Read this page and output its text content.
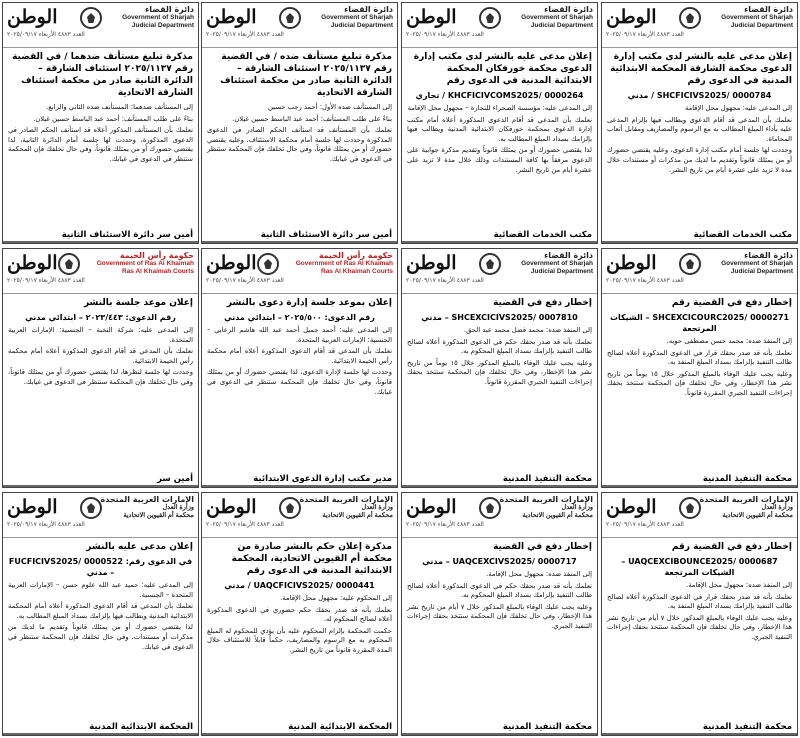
دائرة القضاء
Government of Sharjah
Judicial Department
الوطن
العدد ٤٨٨٣ الأربعاء ٢٠٢٥/٠٩/١٧
إعلان مدعى عليه بالنشر لدى مكتب إدارة الدعوى محكمة الشارقة المحكمة الابتدائية المدنية في الدعوى رقم
SHCFICIVS2025/ 0000784 / مدني

إلى المدعى عليه: مجهول محل الإقامة

نعلمك بأن المدعي قد أقام الدعوى ويطالب فيها بإلزام المدعى عليه بأداء المبلغ المطالب به مع الرسوم والمصاريف ومقابل أتعاب المحاماة.

وحددت لها جلسة أمام مكتب إدارة الدعوى، وعليه يقتضي حضورك أو من يمثلك قانوناً وتقديم ما لديك من مذكرات أو مستندات خلال مدة لا تزيد على عشرة أيام من تاريخ النشر.

مكتب الخدمات القضائية
دائرة القضاء
Government of Sharjah
Judicial Department
الوطن
العدد ٤٨٨٣ الأربعاء ٢٠٢٥/٠٩/١٧
إعلان مدعى عليه بالنشر لدى مكتب إدارة الدعوى محكمة خورفكان المحكمة الابتدائية المدنية في الدعوى رقم
KHCFICIVCOMS2025/ 0000264 / تجاري

إلى المدعى عليه: مؤسسة الصحراء للتجارة – مجهول محل الإقامة

نعلمك بأن المدعي قد أقام الدعوى المذكورة أعلاه أمام مكتب إدارة الدعوى بمحكمة خورفكان الابتدائية المدنية ويطالب فيها بإلزامك بسداد المبلغ المطالب به.

لذا يقتضي حضورك أو من يمثلك قانوناً وتقديم مذكرة جوابية على الدعوى مرفقاً بها كافة المستندات وذلك خلال مدة لا تزيد على عشرة أيام من تاريخ النشر.

مكتب الخدمات القضائية
دائرة القضاء
Government of Sharjah
Judicial Department
الوطن
العدد ٤٨٨٣ الأربعاء ٢٠٢٥/٠٩/١٧
مذكرة تبليغ مستأنف ضده / في القضية رقم ٢٠٢٥/١١٣٧ استئناف الشارقة – الدائرة الثانية صادر من محكمة استئناف الشارقة الاتحادية

إلى المستأنف ضده الأول: أحمد رجب حسين

بناءً على طلب المستأنف: أحمد عبد الباسط حسين غيلان.

نعلمك بأن المستأنف قد استأنف الحكم الصادر في الدعوى المذكورة وحددت لها جلسة أمام محكمة الاستئناف، وعليه يقتضي حضورك أو من يمثلك قانوناً، وفي حال تخلفك فإن المحكمة ستنظر في الدعوى في غيابك.

أمين سر دائرة الاستئناف الثانية
دائرة القضاء
Government of Sharjah
Judicial Department
الوطن
العدد ٤٨٨٣ الأربعاء ٢٠٢٥/٠٩/١٧
مذكرة تبليغ مستأنف ضدهما / في القضية رقم ٢٠٢٥/١١٣٧ استئناف الشارقة – الدائرة الثانية صادر من محكمة استئناف الشارقة الاتحادية

إلى المستأنف ضدهما: المستأنف ضده الثاني والرابع.

بناءً على طلب المستأنف: أحمد عبد الباسط حسين غيلان.

نعلمك بأن المستأنف المذكور أعلاه قد استأنف الحكم الصادر في الدعوى المذكورة، وحددت لها جلسة أمام الدائرة الثانية، لذا يقتضي حضورك أو من يمثلك قانوناً، وفي حال تخلفك فإن المحكمة ستنظر في الدعوى في غيابك.

أمين سر دائرة الاستئناف الثانية
دائرة القضاء
Government of Sharjah
Judicial Department
الوطن
العدد ٤٨٨٣ الأربعاء ٢٠٢٥/٠٩/١٧
إخطار دفع في القضية رقم
SHCEXCICOURC2025/ 0000271 – الشيكات المرتجعة

إلى المنفذ ضده: محمد حسن مصطفى حويه.

نعلمك بأنه قد صدر بحقك قرار في الدعوى المذكورة أعلاه لصالح طالب التنفيذ بإلزامك بسداد المبلغ المنفذ به.

وعليه يجب عليك الوفاء بالمبلغ المذكور خلال ١٥ يوماً من تاريخ نشر هذا الإخطار، وفي حال تخلفك فإن المحكمة ستتخذ بحقك إجراءات التنفيذ الجبري المقررة قانوناً.

محكمة التنفيذ المدنية
دائرة القضاء
Government of Sharjah
Judicial Department
الوطن
العدد ٤٨٨٣ الأربعاء ٢٠٢٥/٠٩/١٧
إخطار دفع في القضية
SHCEXCICIVS2025/ 0007810 – مدني

إلى المنفذ ضده: محمد فضل محمد عبد الحق.

نعلمك بأنه قد صدر بحقك حكم في الدعوى المذكورة أعلاه لصالح طالب التنفيذ بإلزامك بسداد المبلغ المحكوم به.

وعليه يجب عليك الوفاء بالمبلغ المذكور خلال ١٥ يوماً من تاريخ نشر هذا الإخطار، وفي حال تخلفك فإن المحكمة ستتخذ بحقك إجراءات التنفيذ الجبري المقررة قانوناً.

محكمة التنفيذ المدنية
حكومة رأس الخيمة
Government of Ras Al Khaimah
Ras Al Khaimah Courts
الوطن
العدد ٤٨٨٣ الأربعاء ٢٠٢٥/٠٩/١٧
إعلان بموعد جلسة إدارة دعوى بالنشر
رقم الدعوى: ٢٠٢٥/٥٠٠ – ابتدائي مدني

إلى المدعى عليه: أحمد جميل أحمد عبد الله هاشم الزعابي – الجنسية: الإمارات العربية المتحدة.

نعلمك بأن المدعي قد أقام الدعوى المذكورة أعلاه أمام محكمة رأس الخيمة الابتدائية.

وحددت لها جلسة لإدارة الدعوى، لذا يقتضي حضورك أو من يمثلك قانوناً، وفي حال تخلفك فإن المحكمة ستنظر في الدعوى في غيابك.

مدير مكتب إدارة الدعوى الابتدائية
حكومة رأس الخيمة
Government of Ras Al Khaimah
Ras Al Khaimah Courts
الوطن
العدد ٤٨٨٣ الأربعاء ٢٠٢٥/٠٩/١٧
إعلان موعد جلسة بالنشر
رقم الدعوى: ٢٠٢٣/٤٤٣ – ابتدائي مدني

إلى المدعى عليه: شركة النخبة – الجنسية: الإمارات العربية المتحدة.

نعلمك بأن المدعي قد أقام الدعوى المذكورة أعلاه أمام محكمة رأس الخيمة الابتدائية.

وحددت لها جلسة لنظرها، لذا يقتضي حضورك أو من يمثلك قانوناً، وفي حال تخلفك فإن المحكمة ستنظر في الدعوى في غيابك.

أمين سر
الإمارات العربية المتحدة
وزارة العدل
محكمة أم القيوين الاتحادية
الوطن
العدد ٤٨٨٣ الأربعاء ٢٠٢٥/٠٩/١٧
إخطار دفع في القضية رقم
UAQCEXCIBOUNCE2025/ 0000687 – الشيكات المرتجعة

إلى المنفذ ضده: مجهول محل الإقامة.

نعلمك بأنه قد صدر بحقك قرار في الدعوى المذكورة أعلاه لصالح طالب التنفيذ بإلزامك بسداد المبلغ المنفذ به.

وعليه يجب عليك الوفاء بالمبلغ المذكور خلال ٧ أيام من تاريخ نشر هذا الإخطار، وفي حال تخلفك فإن المحكمة ستتخذ بحقك إجراءات التنفيذ الجبري.

محكمة التنفيذ المدنية
الإمارات العربية المتحدة
وزارة العدل
محكمة أم القيوين الاتحادية
الوطن
العدد ٤٨٨٣ الأربعاء ٢٠٢٥/٠٩/١٧
إخطار دفع في القضية
UAQCEXCIVS2025/ 0000717 – مدني

إلى المنفذ ضده: مجهول محل الإقامة.

نعلمك بأنه قد صدر بحقك حكم في الدعوى المذكورة أعلاه لصالح طالب التنفيذ بإلزامك بسداد المبلغ المحكوم به.

وعليه يجب عليك الوفاء بالمبلغ المذكور خلال ٧ أيام من تاريخ نشر هذا الإخطار، وفي حال تخلفك فإن المحكمة ستتخذ بحقك إجراءات التنفيذ الجبري.

محكمة التنفيذ المدنية
الإمارات العربية المتحدة
وزارة العدل
محكمة أم القيوين الاتحادية
الوطن
العدد ٤٨٨٣ الأربعاء ٢٠٢٥/٠٩/١٧
مذكرة إعلان حكم بالنشر صادرة من محكمة أم القيوين الاتحادية، المحكمة الابتدائية المدنية في الدعوى رقم
UAQCFICIVS2025/ 0000441 / مدني

إلى المحكوم عليه: مجهول محل الإقامة.

نعلمك بأنه قد صدر بحقك حكم حضوري في الدعوى المذكورة أعلاه لصالح المحكوم له.

حكمت المحكمة بإلزام المحكوم عليه بأن يؤدي للمحكوم له المبلغ المحكوم به مع الرسوم والمصاريف، حكماً قابلاً للاستئناف خلال المدة المقررة قانوناً من تاريخ النشر.

المحكمة الابتدائية المدنية
الإمارات العربية المتحدة
وزارة العدل
محكمة أم القيوين الاتحادية
الوطن
العدد ٤٨٨٣ الأربعاء ٢٠٢٥/٠٩/١٧
إعلان مدعى عليه بالنشر
في الدعوى رقم: FUCFICIVS2025/ 0000522 – مدني

إلى المدعى عليه: حميد عبد الله علوم حسن – الإمارات العربية المتحدة – الجنسية.

نعلمك بأن المدعي قد أقام الدعوى المذكورة أعلاه أمام المحكمة الابتدائية المدنية ويطالب فيها بإلزامك بسداد المبلغ المطالب به.

لذا يقتضي حضورك أو من يمثلك قانوناً وتقديم ما لديك من مذكرات أو مستندات، وفي حال تخلفك فإن المحكمة ستنظر في الدعوى في غيابك.

المحكمة الابتدائية المدنية
